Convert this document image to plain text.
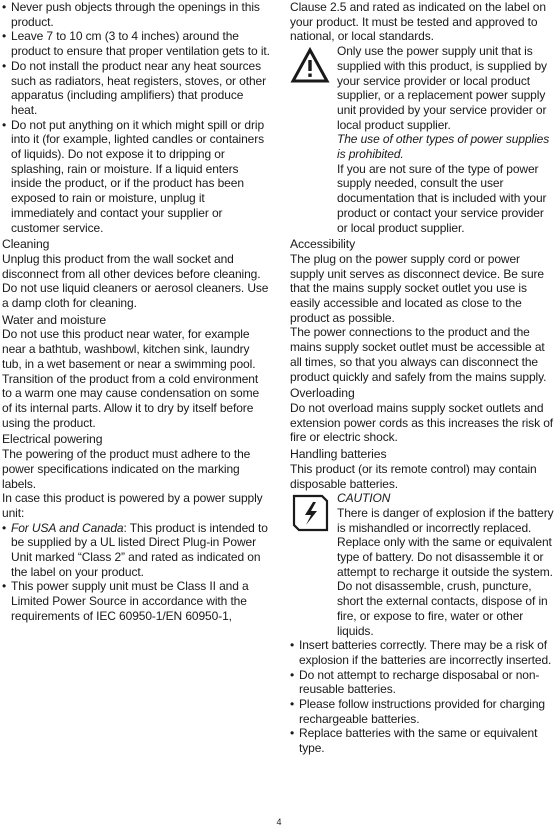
• Never push objects through the openings in this product.
• Leave 7 to 10 cm (3 to 4 inches) around the product to ensure that proper ventilation gets to it.
• Do not install the product near any heat sources such as radiators, heat registers, stoves, or other apparatus (including amplifiers) that produce heat.
• Do not put anything on it which might spill or drip into it (for example, lighted candles or containers of liquids). Do not expose it to dripping or splashing, rain or moisture. If a liquid enters inside the product, or if the product has been exposed to rain or moisture, unplug it immediately and contact your supplier or customer service.

Cleaning

Unplug this product from the wall socket and disconnect from all other devices before cleaning. Do not use liquid cleaners or aerosol cleaners. Use a damp cloth for cleaning.

Water and moisture

Do not use this product near water, for example near a bathtub, washbowl, kitchen sink, laundry tub, in a wet basement or near a swimming pool.

Transition of the product from a cold environment to a warm one may cause condensation on some of its internal parts. Allow it to dry by itself before using the product.

Electrical powering

The powering of the product must adhere to the power specifications indicated on the marking labels.

In case this product is powered by a power supply unit:

• For USA and Canada: This product is intended to be supplied by a UL listed Direct Plug-in Power Unit marked “Class 2” and rated as indicated on the label on your product.
• This power supply unit must be Class II and a Limited Power Source in accordance with the requirements of IEC 60950-1/EN 60950-1,

Clause 2.5 and rated as indicated on the label on your product. It must be tested and approved to national, or local standards.

Only use the power supply unit that is supplied with this product, is supplied by your service provider or local product supplier, or a replacement power supply unit provided by your service provider or local product supplier.

The use of other types of power supplies is prohibited.

If you are not sure of the type of power supply needed, consult the user documentation that is included with your product or contact your service provider or local product supplier.

Accessibility

The plug on the power supply cord or power supply unit serves as disconnect device. Be sure that the mains supply socket outlet you use is easily accessible and located as close to the product as possible.

The power connections to the product and the mains supply socket outlet must be accessible at all times, so that you always can disconnect the product quickly and safely from the mains supply.

Overloading

Do not overload mains supply socket outlets and extension power cords as this increases the risk of fire or electric shock.

Handling batteries

This product (or its remote control) may contain disposable batteries.

CAUTION

There is danger of explosion if the battery is mishandled or incorrectly replaced. Replace only with the same or equivalent type of battery. Do not disassemble it or attempt to recharge it outside the system.

Do not disassemble, crush, puncture, short the external contacts, dispose of in fire, or expose to fire, water or other liquids.

• Insert batteries correctly. There may be a risk of explosion if the batteries are incorrectly inserted.
• Do not attempt to recharge disposabal or non-reusable batteries.
• Please follow instructions provided for charging rechargeable batteries.
• Replace batteries with the same or equivalent type.
4
